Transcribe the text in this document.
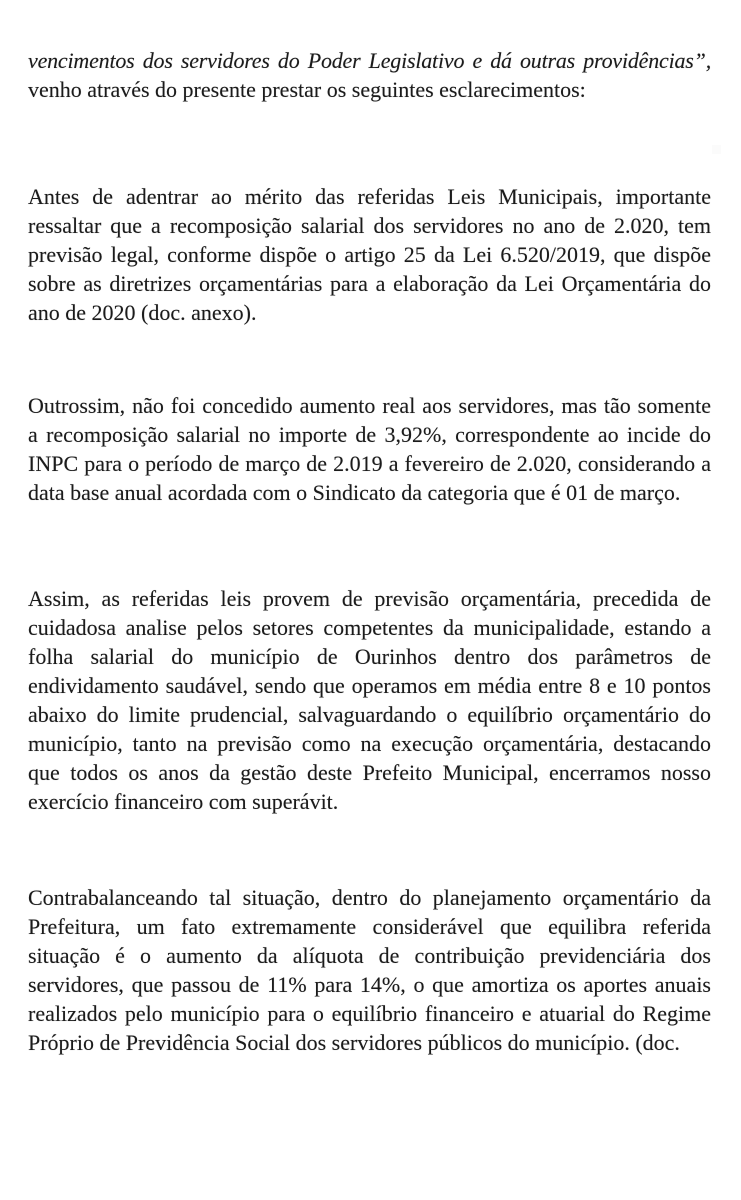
vencimentos dos servidores do Poder Legislativo e dá outras providências”,
venho através do presente prestar os seguintes esclarecimentos:

Antes de adentrar ao mérito das referidas Leis Municipais, importante ressaltar que a recomposição salarial dos servidores no ano de 2.020, tem previsão legal, conforme dispõe o artigo 25 da Lei 6.520/2019, que dispõe sobre as diretrizes orçamentárias para a elaboração da Lei Orçamentária do ano de 2020 (doc. anexo).

Outrossim, não foi concedido aumento real aos servidores, mas tão somente a recomposição salarial no importe de 3,92%, correspondente ao incide do INPC para o período de março de 2.019 a fevereiro de 2.020, considerando a data base anual acordada com o Sindicato da categoria que é 01 de março.

Assim, as referidas leis provem de previsão orçamentária, precedida de cuidadosa analise pelos setores competentes da municipalidade, estando a folha salarial do município de Ourinhos dentro dos parâmetros de endividamento saudável, sendo que operamos em média entre 8 e 10 pontos abaixo do limite prudencial, salvaguardando o equilíbrio orçamentário do município, tanto na previsão como na execução orçamentária, destacando que todos os anos da gestão deste Prefeito Municipal, encerramos nosso exercício financeiro com superávit.

Contrabalanceando tal situação, dentro do planejamento orçamentário da Prefeitura, um fato extremamente considerável que equilibra referida situação é o aumento da alíquota de contribuição previdenciária dos servidores, que passou de 11% para 14%, o que amortiza os aportes anuais realizados pelo município para o equilíbrio financeiro e atuarial do Regime Próprio de Previdência Social dos servidores públicos do município. (doc.
